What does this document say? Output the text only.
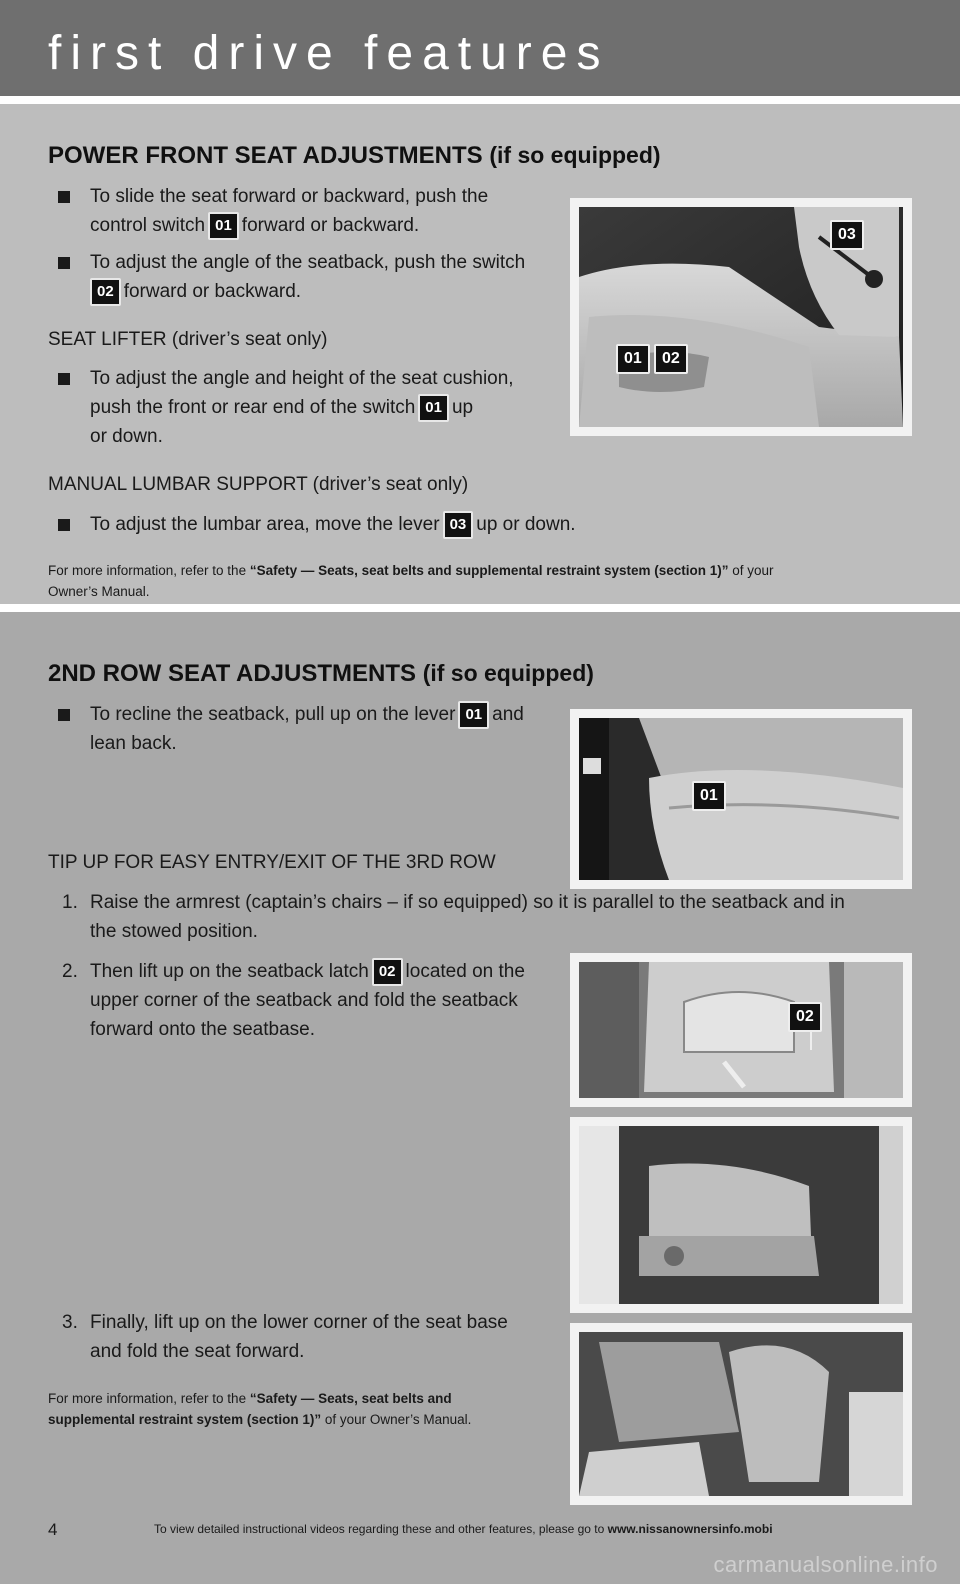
first drive features
POWER FRONT SEAT ADJUSTMENTS (if so equipped)
To slide the seat forward or backward, push the
control switch 01 forward or backward.
To adjust the angle of the seatback, push the switch
02 forward or backward.
SEAT LIFTER (driver’s seat only)
To adjust the angle and height of the seat cushion,
push the front or rear end of the switch 01 up
or down.
MANUAL LUMBAR SUPPORT (driver’s seat only)
To adjust the lumbar area, move the lever 03 up or down.
For more information, refer to the “Safety — Seats, seat belts and supplemental restraint system (section 1)” of your
Owner’s Manual.
03
01	02
2ND ROW SEAT ADJUSTMENTS (if so equipped)
To recline the seatback, pull up on the lever 01 and
lean back.
TIP UP FOR EASY ENTRY/EXIT OF THE 3RD ROW
1. Raise the armrest (captain’s chairs – if so equipped) so it is parallel to the seatback and in
the stowed position.
2. Then lift up on the seatback latch 02 located on the
upper corner of the seatback and fold the seatback
forward onto the seatbase.
3. Finally, lift up on the lower corner of the seat base
and fold the seat forward.
For more information, refer to the “Safety — Seats, seat belts and
supplemental restraint system (section 1)” of your Owner’s Manual.
01
02
4	To view detailed instructional videos regarding these and other features, please go to www.nissanownersinfo.mobi
carmanualsonline.info
